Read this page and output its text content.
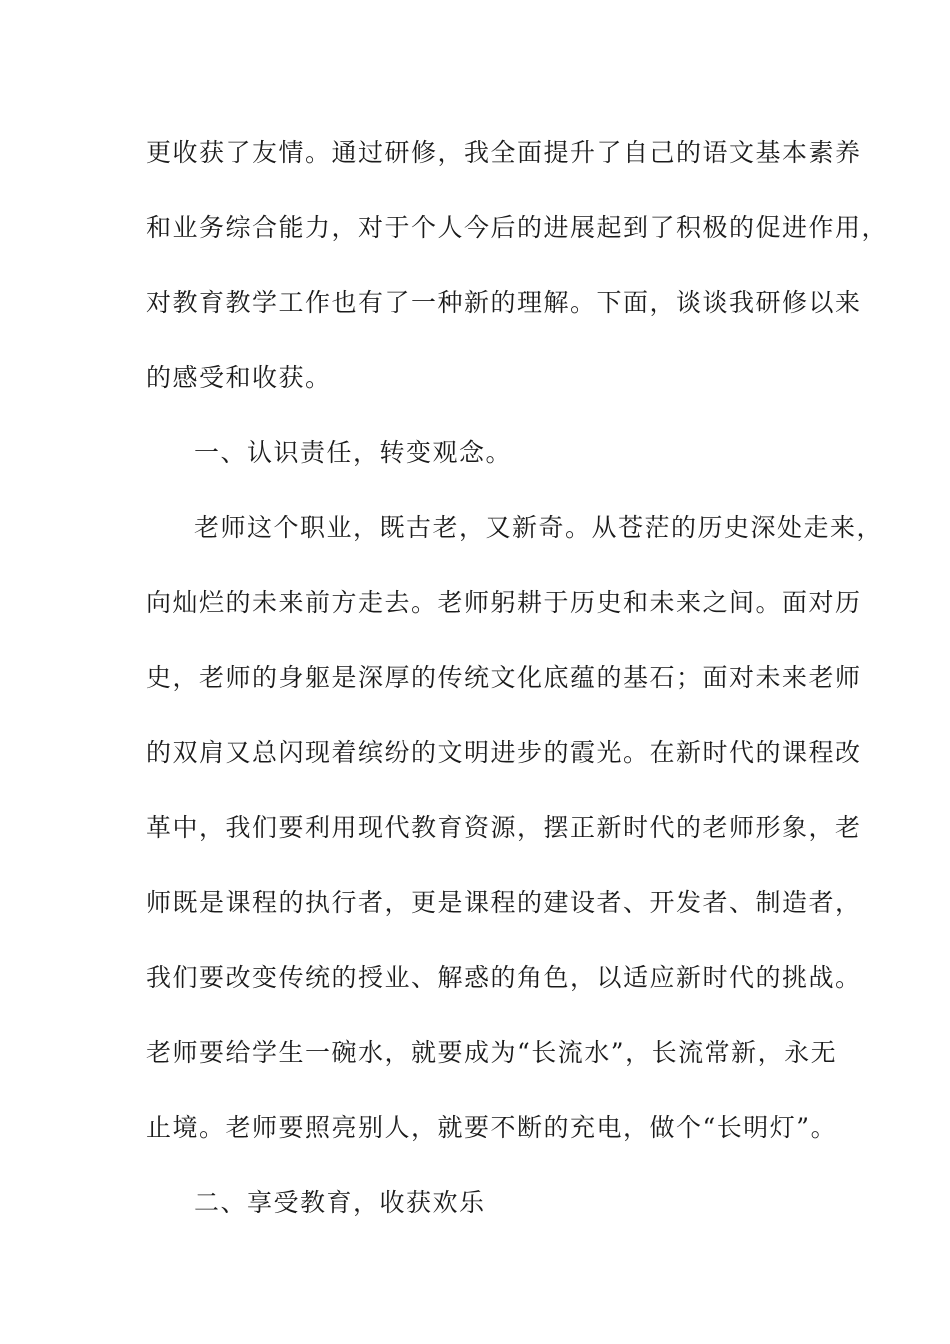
更收获了友情。通过研修，我全面提升了自己的语文基本素养
和业务综合能力，对于个人今后的进展起到了积极的促进作用，
对教育教学工作也有了一种新的理解。下面，谈谈我研修以来
的感受和收获。
一、认识责任，转变观念。
老师这个职业，既古老，又新奇。从苍茫的历史深处走来，
向灿烂的未来前方走去。老师躬耕于历史和未来之间。面对历
史，老师的身躯是深厚的传统文化底蕴的基石；面对未来老师
的双肩又总闪现着缤纷的文明进步的霞光。在新时代的课程改
革中，我们要利用现代教育资源，摆正新时代的老师形象，老
师既是课程的执行者，更是课程的建设者、开发者、制造者，
我们要改变传统的授业、解惑的角色，以适应新时代的挑战。
老师要给学生一碗水，就要成为“长流水”，长流常新，永无
止境。老师要照亮别人，就要不断的充电，做个“长明灯”。
二、享受教育，收获欢乐
